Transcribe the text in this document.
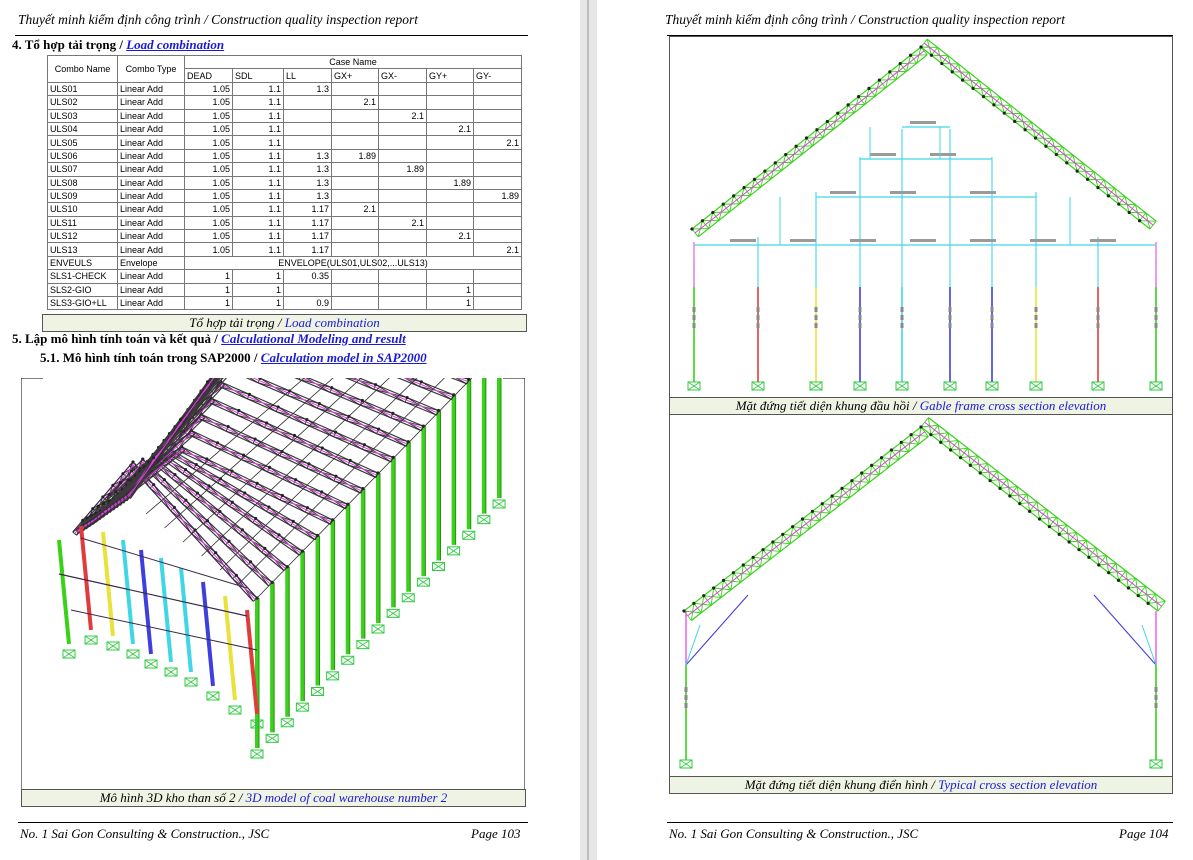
Thuyết minh kiểm định công trình / Construction quality inspection report
4. Tổ hợp tải trọng / Load combination
Combo Name	Combo Type	Case Name						
		DEAD	SDL	LL	GX+	GX-	GY+	GY-
ULS01	Linear Add	1.05	1.1	1.3				
ULS02	Linear Add	1.05	1.1		2.1			
ULS03	Linear Add	1.05	1.1			2.1		
ULS04	Linear Add	1.05	1.1				2.1	
ULS05	Linear Add	1.05	1.1					2.1
ULS06	Linear Add	1.05	1.1	1.3	1.89			
ULS07	Linear Add	1.05	1.1	1.3		1.89		
ULS08	Linear Add	1.05	1.1	1.3			1.89	
ULS09	Linear Add	1.05	1.1	1.3				1.89
ULS10	Linear Add	1.05	1.1	1.17	2.1			
ULS11	Linear Add	1.05	1.1	1.17		2.1		
ULS12	Linear Add	1.05	1.1	1.17			2.1	
ULS13	Linear Add	1.05	1.1	1.17				2.1
ENVEULS	Envelope	ENVELOPE(ULS01,ULS02,...ULS13)						
SLS1-CHECK	Linear Add	1	1	0.35				
SLS2-GIO	Linear Add	1	1				1	
SLS3-GIO+LL	Linear Add	1	1	0.9			1	
Tổ hợp tải trọng / Load combination
5. Lập mô hình tính toán và kết quả / Calculational Modeling and result
5.1. Mô hình tính toán trong SAP2000 / Calculation model in SAP2000
Mô hình 3D kho than số 2 / 3D model of coal warehouse number 2
No. 1 Sai Gon Consulting & Construction., JSC	Page 103
Thuyết minh kiểm định công trình / Construction quality inspection report
Mặt đứng tiết diện khung đầu hồi / Gable frame cross section elevation
Mặt đứng tiết diện khung điển hình / Typical cross section elevation
No. 1 Sai Gon Consulting & Construction., JSC	Page 104
